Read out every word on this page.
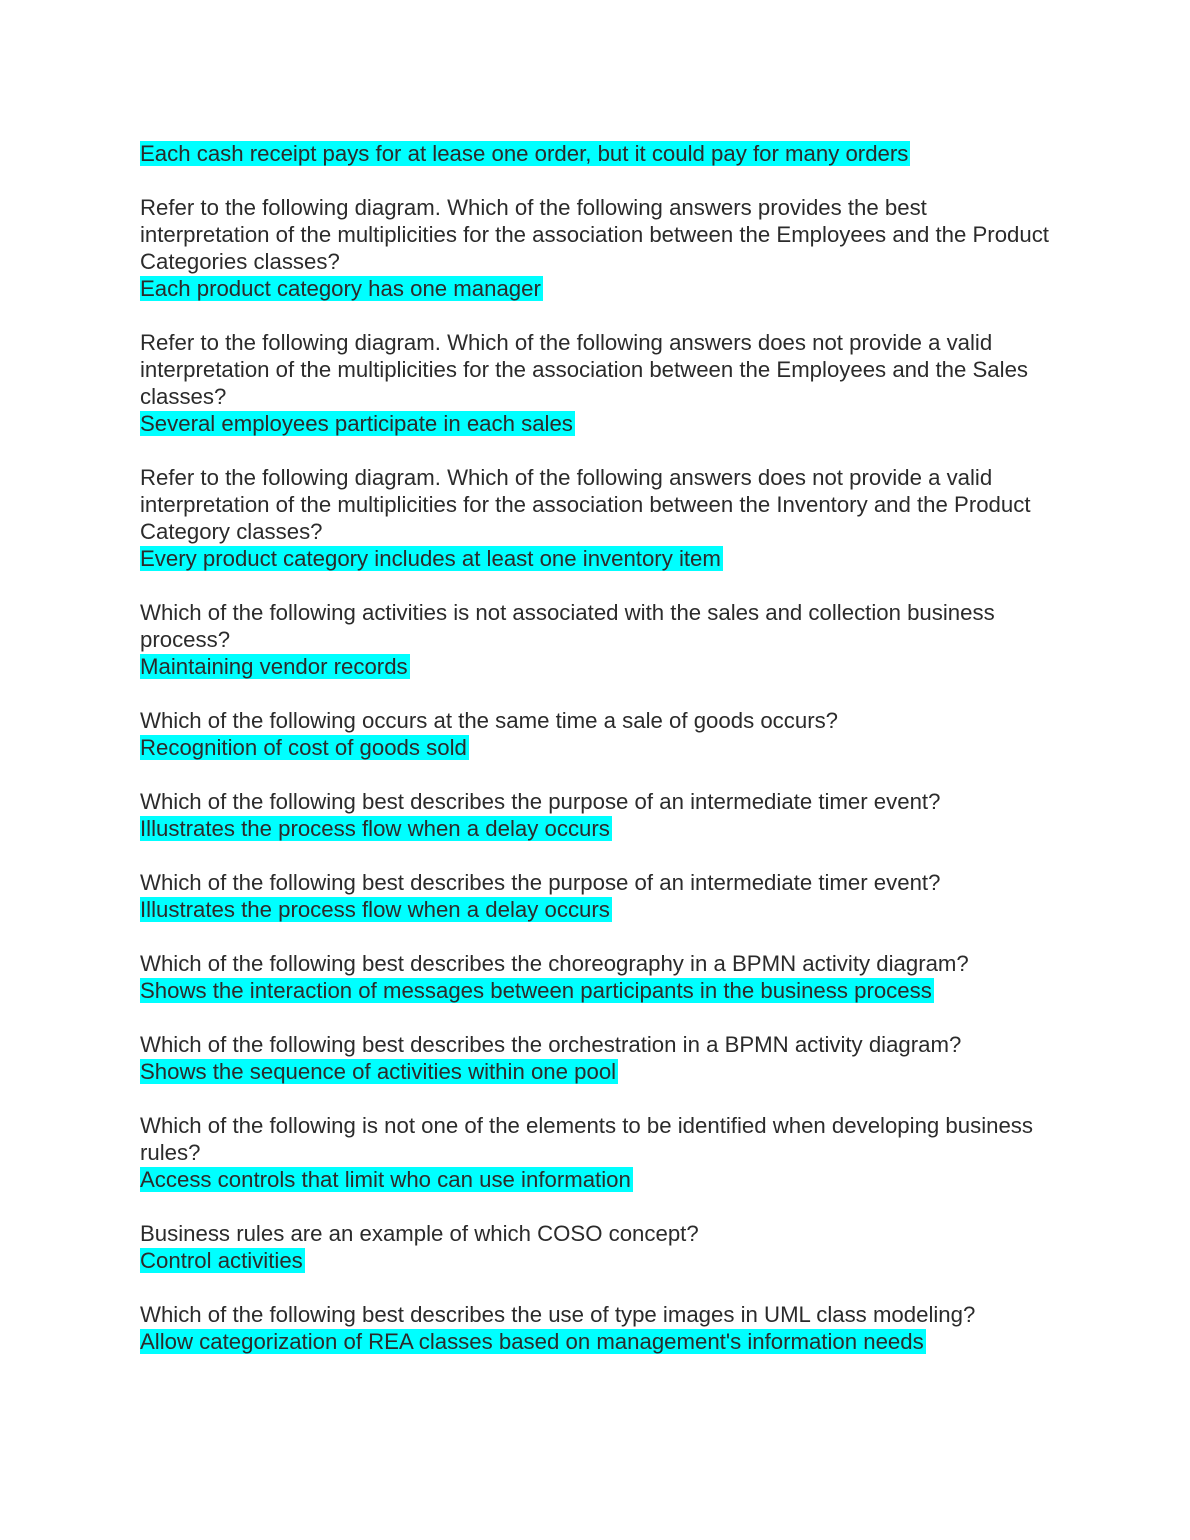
Each cash receipt pays for at lease one order, but it could pay for many orders

Refer to the following diagram. Which of the following answers provides the best interpretation of the multiplicities for the association between the Employees and the Product Categories classes?

Each product category has one manager

Refer to the following diagram. Which of the following answers does not provide a valid interpretation of the multiplicities for the association between the Employees and the Sales classes?

Several employees participate in each sales

Refer to the following diagram. Which of the following answers does not provide a valid interpretation of the multiplicities for the association between the Inventory and the Product Category classes?

Every product category includes at least one inventory item

Which of the following activities is not associated with the sales and collection business process?

Maintaining vendor records

Which of the following occurs at the same time a sale of goods occurs?

Recognition of cost of goods sold

Which of the following best describes the purpose of an intermediate timer event?

Illustrates the process flow when a delay occurs

Which of the following best describes the purpose of an intermediate timer event?

Illustrates the process flow when a delay occurs

Which of the following best describes the choreography in a BPMN activity diagram?

Shows the interaction of messages between participants in the business process

Which of the following best describes the orchestration in a BPMN activity diagram?

Shows the sequence of activities within one pool

Which of the following is not one of the elements to be identified when developing business rules?

Access controls that limit who can use information

Business rules are an example of which COSO concept?

Control activities

Which of the following best describes the use of type images in UML class modeling?

Allow categorization of REA classes based on management's information needs
